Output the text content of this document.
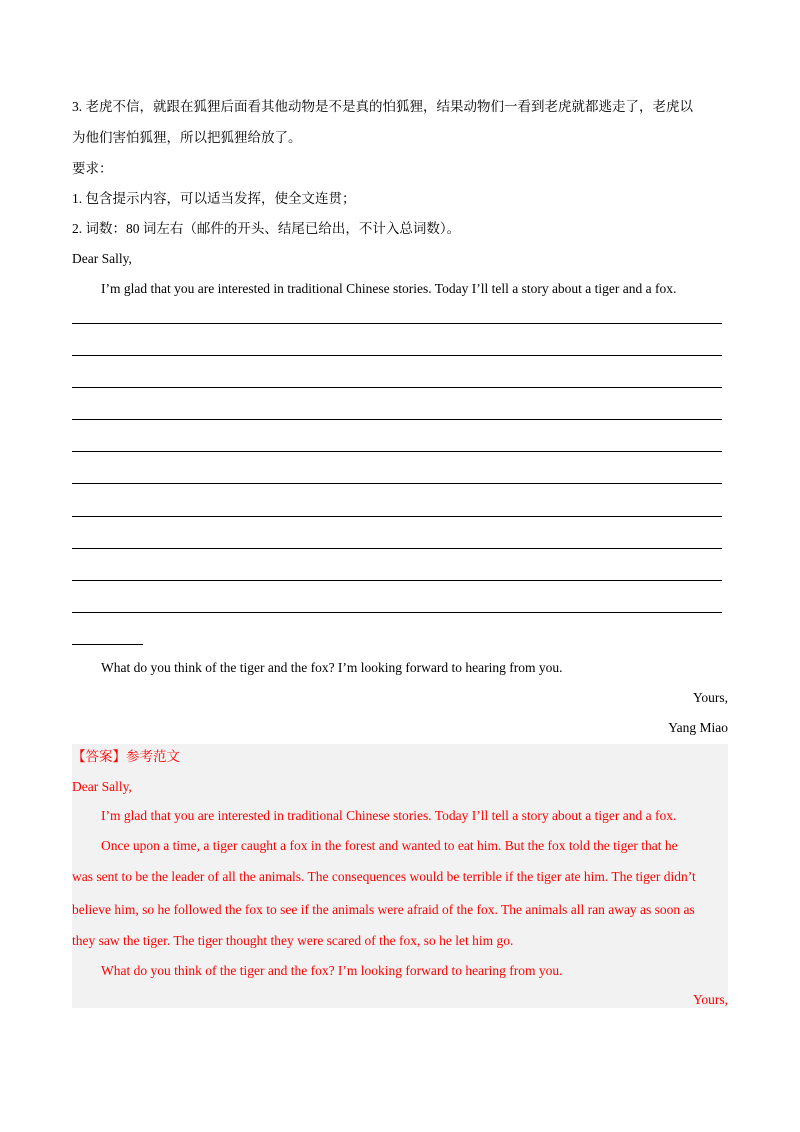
3. 老虎不信，就跟在狐狸后面看其他动物是不是真的怕狐狸，结果动物们一看到老虎就都逃走了，老虎以
为他们害怕狐狸，所以把狐狸给放了。
要求：
1. 包含提示内容，可以适当发挥，使全文连贯；
2. 词数：80 词左右（邮件的开头、结尾已给出，不计入总词数）。
Dear Sally,
I’m glad that you are interested in traditional Chinese stories. Today I’ll tell a story about a tiger and a fox.
What do you think of the tiger and the fox? I’m looking forward to hearing from you.
Yours,
Yang Miao
【答案】参考范文
Dear Sally,
I’m glad that you are interested in traditional Chinese stories. Today I’ll tell a story about a tiger and a fox.
Once upon a time, a tiger caught a fox in the forest and wanted to eat him. But the fox told the tiger that he
was sent to be the leader of all the animals. The consequences would be terrible if the tiger ate him. The tiger didn’t
believe him, so he followed the fox to see if the animals were afraid of the fox. The animals all ran away as soon as
they saw the tiger. The tiger thought they were scared of the fox, so he let him go.
What do you think of the tiger and the fox? I’m looking forward to hearing from you.
Yours,
